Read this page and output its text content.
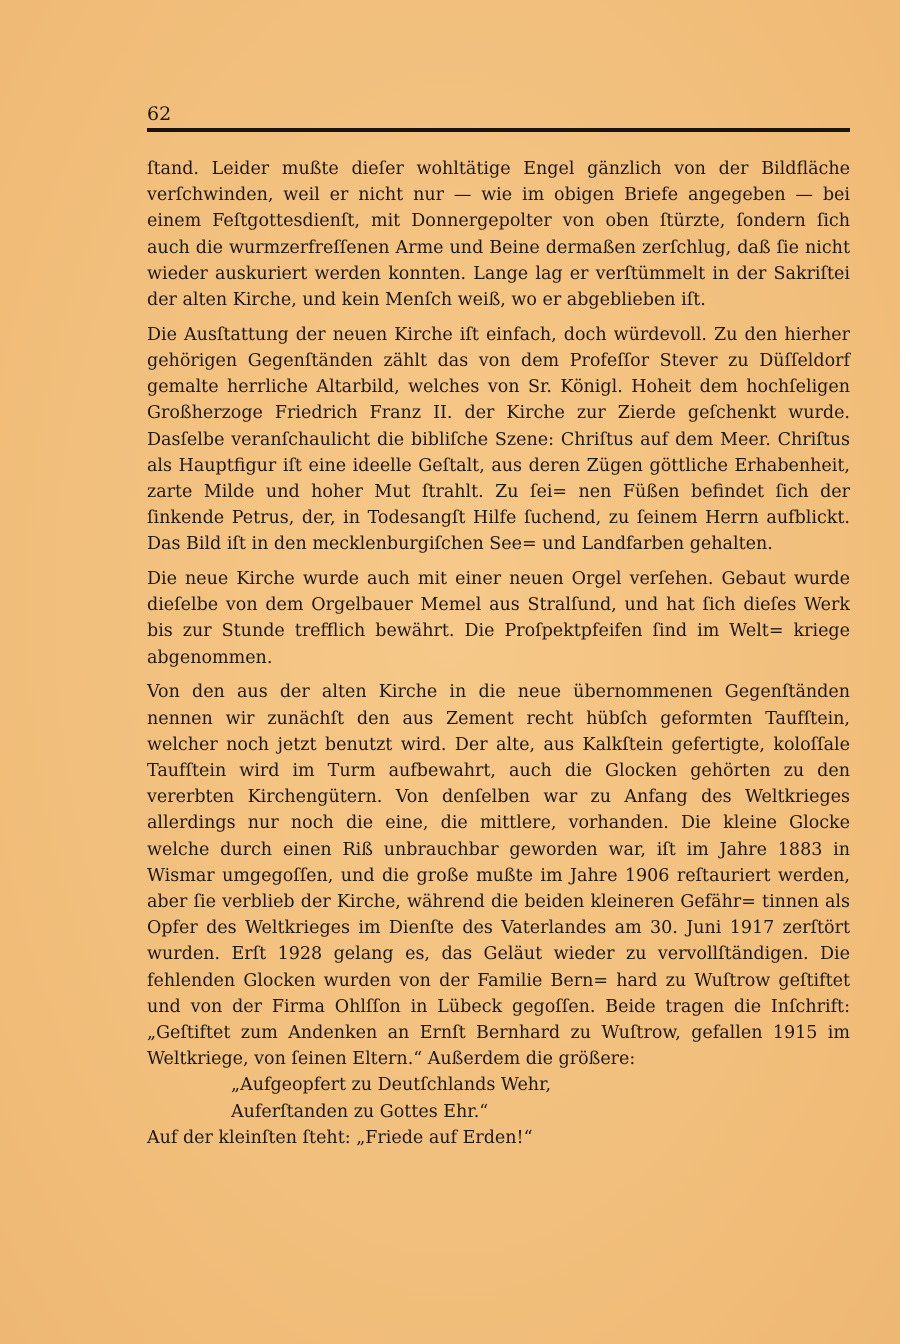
62

ſtand. Leider mußte dieſer wohltätige Engel gänzlich von der Bildfläche verſchwinden, weil er nicht nur — wie im obigen Briefe angegeben — bei einem Feſtgottesdienſt, mit Donnergepolter von oben ſtürzte, ſondern ſich auch die wurmzerfreſſenen Arme und Beine dermaßen zerſchlug, daß ſie nicht wieder auskuriert werden konnten. Lange lag er verſtümmelt in der Sakriſtei der alten Kirche, und kein Menſch weiß, wo er abgeblieben iſt.

Die Ausſtattung der neuen Kirche iſt einfach, doch würdevoll. Zu den hierher gehörigen Gegenſtänden zählt das von dem Profeſſor Stever zu Düſſeldorf gemalte herrliche Altarbild, welches von Sr. Königl. Hoheit dem hochſeligen Großherzoge Friedrich Franz II. der Kirche zur Zierde geſchenkt wurde. Dasſelbe veranſchaulicht die bibliſche Szene: Chriſtus auf dem Meer. Chriſtus als Hauptfigur iſt eine ideelle Geſtalt, aus deren Zügen göttliche Erhabenheit, zarte Milde und hoher Mut ſtrahlt. Zu ſei= nen Füßen befindet ſich der ſinkende Petrus, der, in Todesangſt Hilfe ſuchend, zu ſeinem Herrn aufblickt. Das Bild iſt in den mecklenburgiſchen See= und Landfarben gehalten.

Die neue Kirche wurde auch mit einer neuen Orgel verſehen. Gebaut wurde dieſelbe von dem Orgelbauer Memel aus Stralſund, und hat ſich dieſes Werk bis zur Stunde trefflich bewährt. Die Proſpektpfeifen ſind im Welt= kriege abgenommen.

Von den aus der alten Kirche in die neue übernommenen Gegenſtänden nennen wir zunächſt den aus Zement recht hübſch geformten Taufſtein, welcher noch jetzt benutzt wird. Der alte, aus Kalkſtein gefertigte, koloſſale Taufſtein wird im Turm aufbewahrt, auch die Glocken gehörten zu den vererbten Kirchengütern. Von denſelben war zu Anfang des Weltkrieges allerdings nur noch die eine, die mittlere, vorhanden. Die kleine Glocke welche durch einen Riß unbrauchbar geworden war, iſt im Jahre 1883 in Wismar umgegoſſen, und die große mußte im Jahre 1906 reſtauriert werden, aber ſie verblieb der Kirche, während die beiden kleineren Gefähr= tinnen als Opfer des Weltkrieges im Dienſte des Vaterlandes am 30. Juni 1917 zerſtört wurden. Erſt 1928 gelang es, das Geläut wieder zu vervollſtändigen. Die fehlenden Glocken wurden von der Familie Bern= hard zu Wuſtrow geſtiftet und von der Firma Ohlſſon in Lübeck gegoſſen. Beide tragen die Inſchrift: „Geſtiftet zum Andenken an Ernſt Bernhard zu Wuſtrow, gefallen 1915 im Weltkriege, von ſeinen Eltern.“ Außerdem die größere:

„Aufgeopfert zu Deutſchlands Wehr,

Auferſtanden zu Gottes Ehr.“

Auf der kleinſten ſteht: „Friede auf Erden!“
